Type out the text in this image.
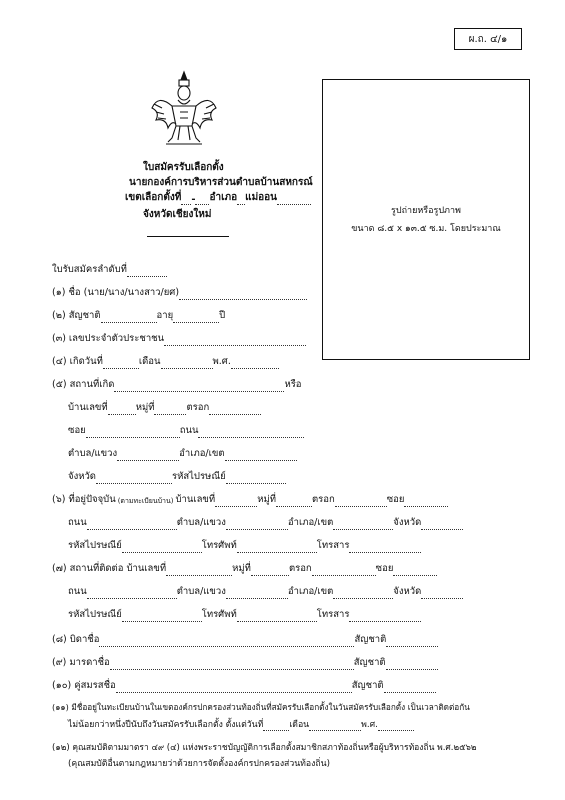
ผ.ถ. ๔/๑
ใบสมัครรับเลือกตั้ง
นายกองค์การบริหารส่วนตำบลบ้านสหกรณ์
เขตเลือกตั้งที่ - อำเภอ แม่ออน
จังหวัดเชียงใหม่	รูปถ่ายหรือรูปภาพ
ขนาด ๘.๕ x ๑๓.๕ ซ.ม. โดยประมาณ
ใบรับสมัครลำดับที่
(๑) ชื่อ (นาย/นาง/นางสาว/ยศ)
(๒) สัญชาติ	อายุ	ปี
(๓) เลขประจำตัวประชาชน
(๔) เกิดวันที่	เดือน	พ.ศ.
(๕) สถานที่เกิด	หรือ
บ้านเลขที่	หมู่ที่	ตรอก
ซอย	ถนน
ตำบล/แขวง	อำเภอ/เขต
จังหวัด	รหัสไปรษณีย์
(๖) ที่อยู่ปัจจุบัน (ตามทะเบียนบ้าน) บ้านเลขที่	หมู่ที่	ตรอก	ซอย
ถนน	ตำบล/แขวง	อำเภอ/เขต	จังหวัด
รหัสไปรษณีย์	โทรศัพท์	โทรสาร
(๗) สถานที่ติดต่อ บ้านเลขที่	หมู่ที่	ตรอก	ซอย
ถนน	ตำบล/แขวง	อำเภอ/เขต	จังหวัด
รหัสไปรษณีย์	โทรศัพท์	โทรสาร
(๘) บิดาชื่อ	สัญชาติ
(๙) มารดาชื่อ	สัญชาติ
(๑๐) คู่สมรสชื่อ	สัญชาติ
(๑๑) มีชื่ออยู่ในทะเบียนบ้านในเขตองค์กรปกครองส่วนท้องถิ่นที่สมัครรับเลือกตั้งในวันสมัครรับเลือกตั้ง เป็นเวลาติดต่อกัน
ไม่น้อยกว่าหนึ่งปีนับถึงวันสมัครรับเลือกตั้ง ตั้งแต่วันที่	เดือน	พ.ศ.
(๑๒) คุณสมบัติตามมาตรา ๔๙ (๔) แห่งพระราชบัญญัติการเลือกตั้งสมาชิกสภาท้องถิ่นหรือผู้บริหารท้องถิ่น พ.ศ.๒๕๖๒
(คุณสมบัติอื่นตามกฎหมายว่าด้วยการจัดตั้งองค์กรปกครองส่วนท้องถิ่น)
